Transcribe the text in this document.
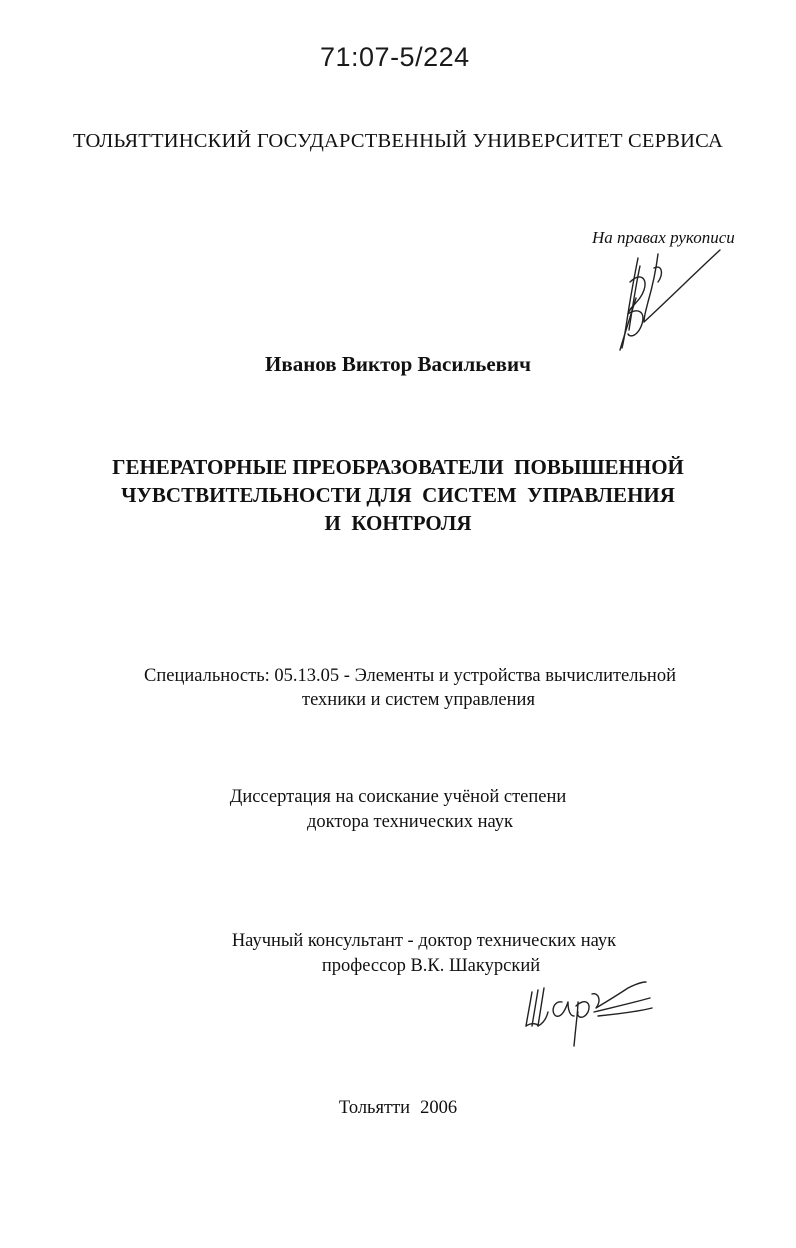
71:07-5/224
ТОЛЬЯТТИНСКИЙ ГОСУДАРСТВЕННЫЙ УНИВЕРСИТЕТ СЕРВИСА
На правах рукописи
Иванов Виктор Васильевич
ГЕНЕРАТОРНЫЕ ПРЕОБРАЗОВАТЕЛИ  ПОВЫШЕННОЙ
ЧУВСТВИТЕЛЬНОСТИ ДЛЯ  СИСТЕМ  УПРАВЛЕНИЯ
И  КОНТРОЛЯ
Специальность: 05.13.05 - Элементы и устройства вычислительной
техники и систем управления
Диссертация на соискание учёной степени
доктора технических наук
Научный консультант - доктор технических наук
профессор В.К. Шакурский
Тольятти 2006
